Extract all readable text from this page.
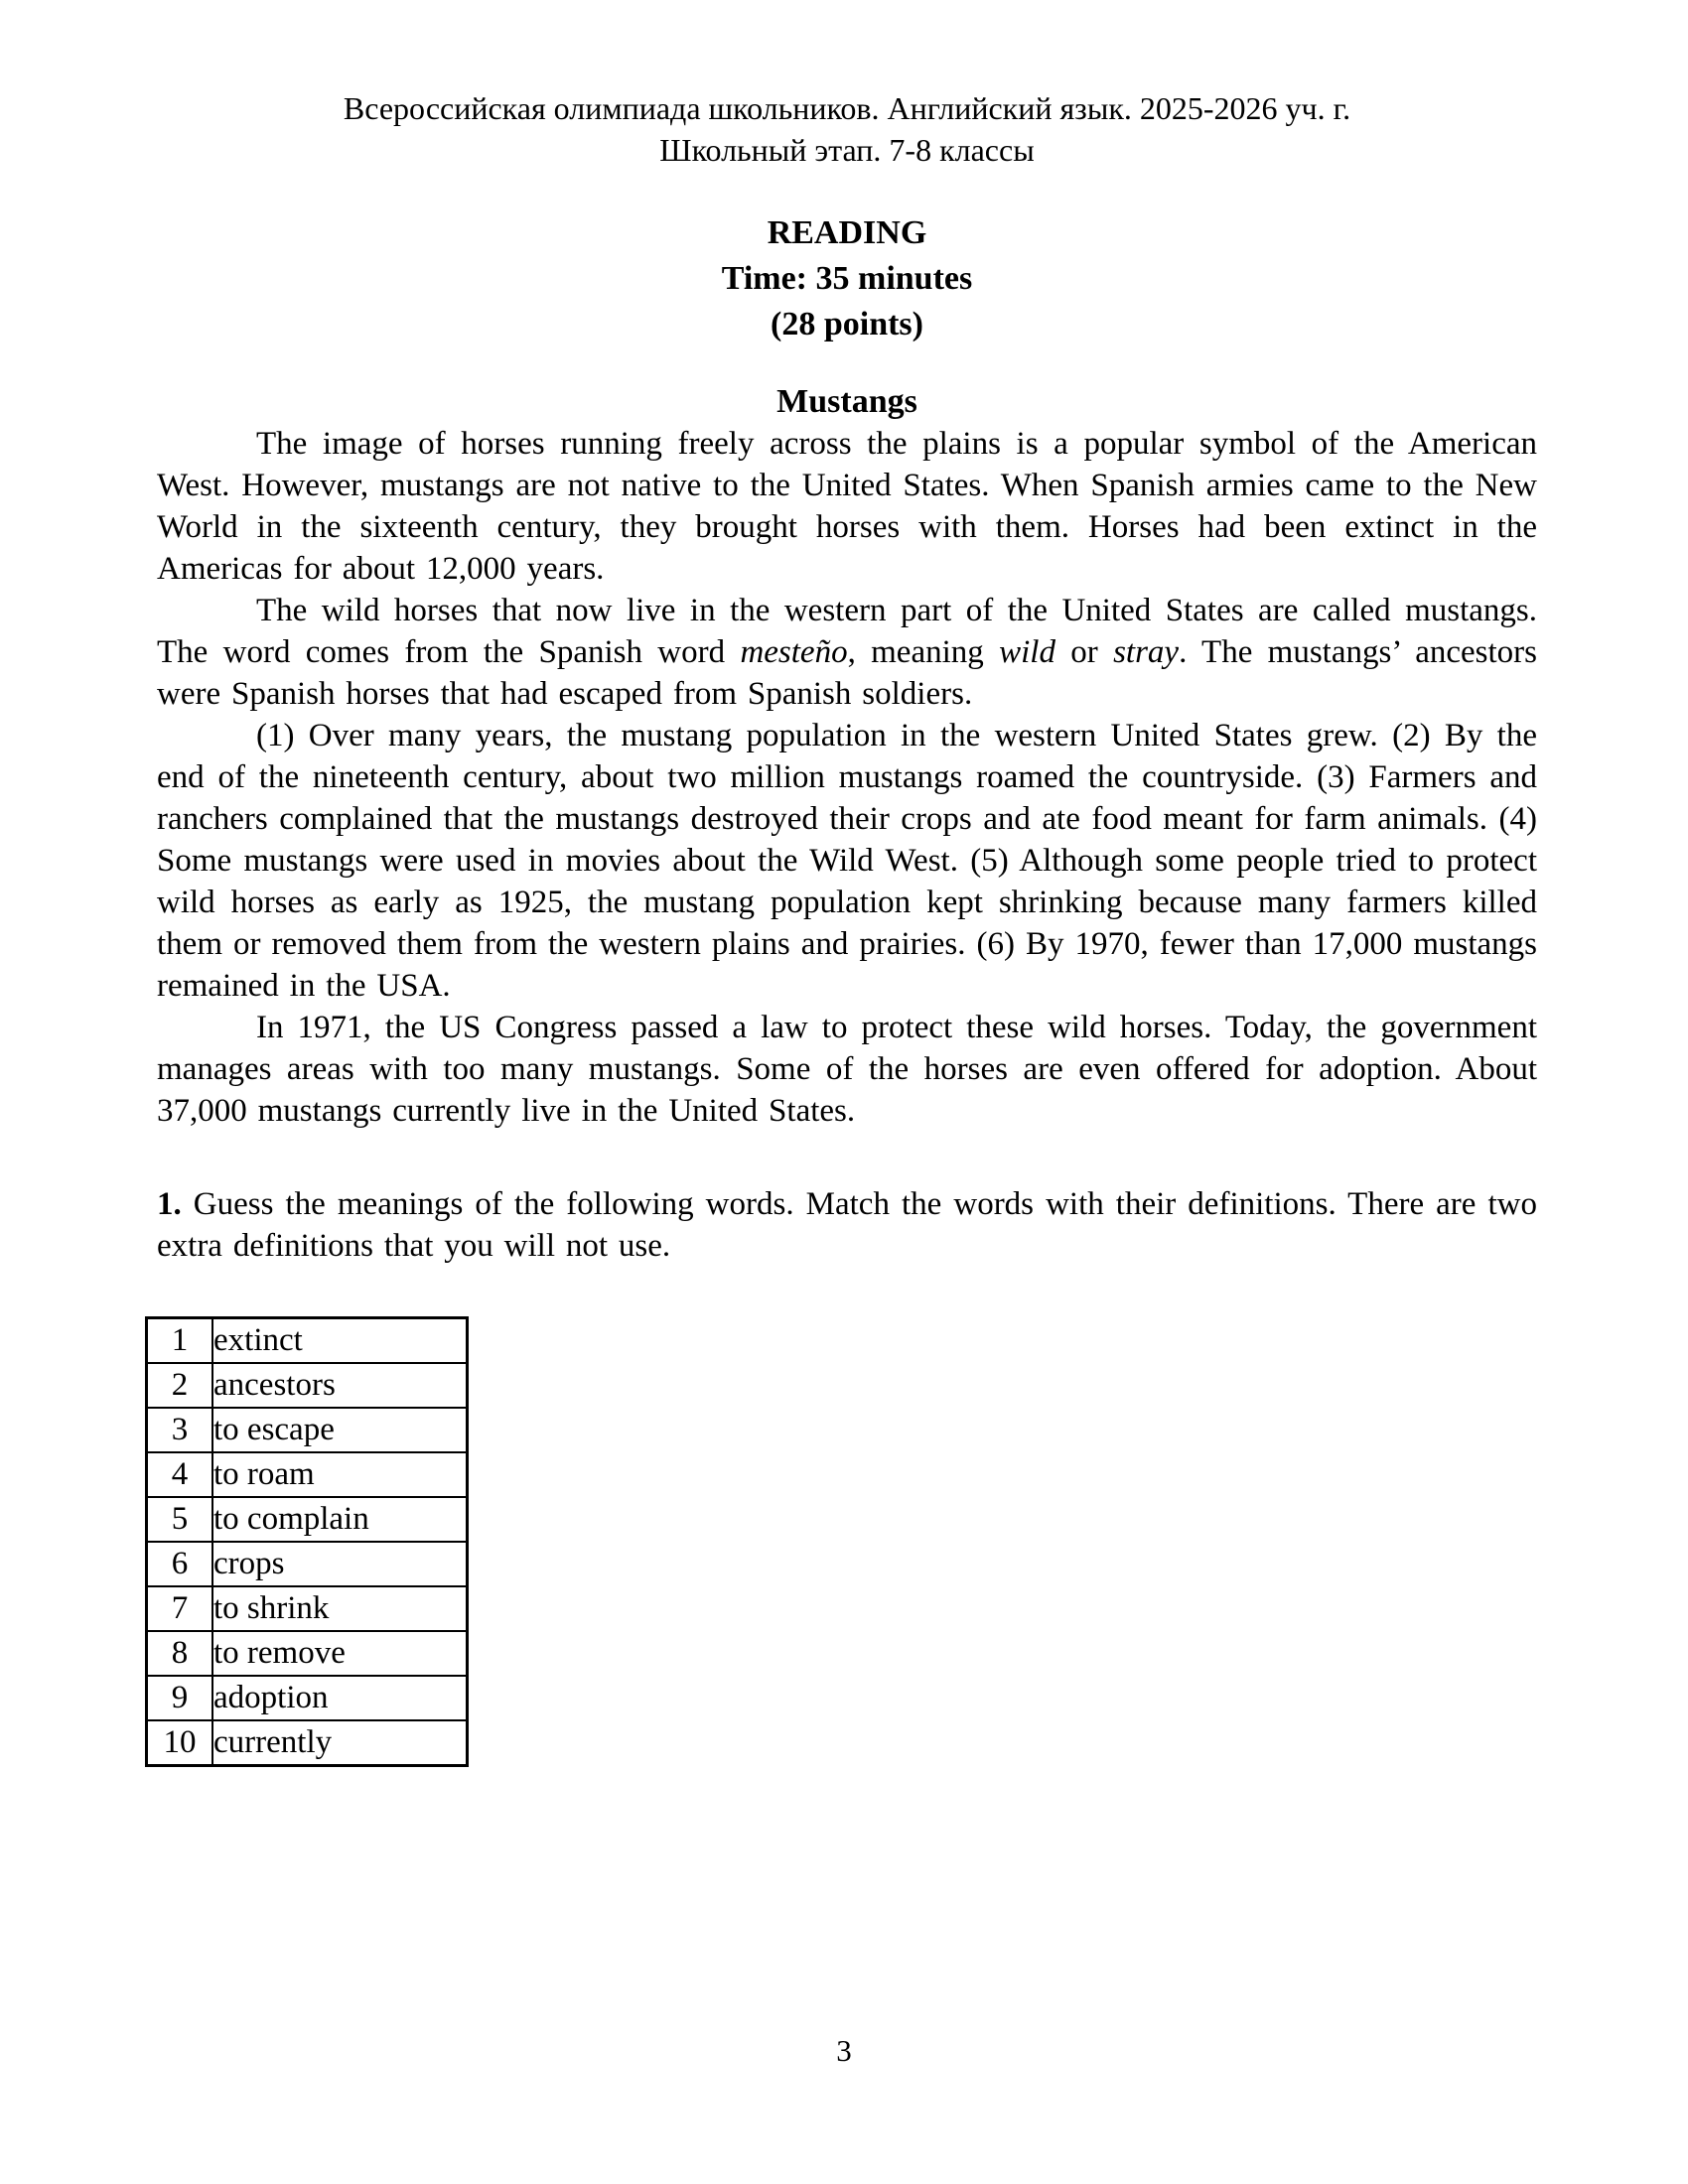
Всероссийская олимпиада школьников. Английский язык. 2025-2026 уч. г.
Школьный этап. 7-8 классы
READING
Time: 35 minutes
(28 points)
Mustangs

The image of horses running freely across the plains is a popular symbol of the American West. However, mustangs are not native to the United States. When Spanish armies came to the New World in the sixteenth century, they brought horses with them. Horses had been extinct in the Americas for about 12,000 years.

The wild horses that now live in the western part of the United States are called mustangs. The word comes from the Spanish word mesteño, meaning wild or stray. The mustangs’ ancestors were Spanish horses that had escaped from Spanish soldiers.

(1) Over many years, the mustang population in the western United States grew. (2) By the end of the nineteenth century, about two million mustangs roamed the countryside. (3) Farmers and ranchers complained that the mustangs destroyed their crops and ate food meant for farm animals. (4) Some mustangs were used in movies about the Wild West. (5) Although some people tried to protect wild horses as early as 1925, the mustang population kept shrinking because many farmers killed them or removed them from the western plains and prairies. (6) By 1970, fewer than 17,000 mustangs remained in the USA.

In 1971, the US Congress passed a law to protect these wild horses. Today, the government manages areas with too many mustangs. Some of the horses are even offered for adoption. About 37,000 mustangs currently live in the United States.

1. Guess the meanings of the following words. Match the words with their definitions. There are two extra definitions that you will not use.
1	extinct
2	ancestors
3	to escape
4	to roam
5	to complain
6	crops
7	to shrink
8	to remove
9	adoption
10	currently
3
